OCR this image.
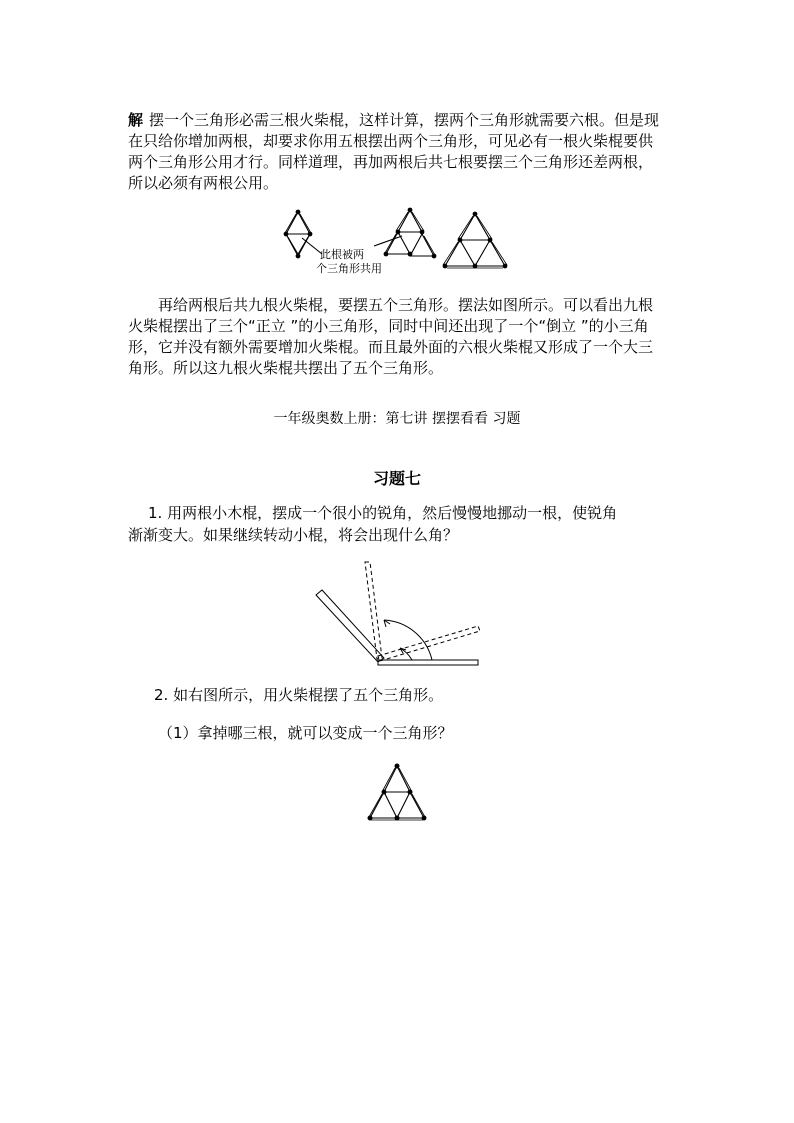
解 摆一个三角形必需三根火柴棍，这样计算，摆两个三角形就需要六根。但是现在只给你增加两根，却要求你用五根摆出两个三角形，可见必有一根火柴棍要供两个三角形公用才行。同样道理，再加两根后共七根要摆三个三角形还差两根，所以必须有两根公用。

此根被两
个三角形共用

再给两根后共九根火柴棍，要摆五个三角形。摆法如图所示。可以看出九根火柴棍摆出了三个“正立 ”的小三角形，同时中间还出现了一个“倒立 ”的小三角形，它并没有额外需要增加火柴棍。而且最外面的六根火柴棍又形成了一个大三角形。所以这九根火柴棍共摆出了五个三角形。

一年级奥数上册：第七讲 摆摆看看 习题
习题七
1. 用两根小木棍，摆成一个很小的锐角，然后慢慢地挪动一根，使锐角
渐渐变大。如果继续转动小棍，将会出现什么角？
2. 如右图所示，用火柴棍摆了五个三角形。
（1）拿掉哪三根，就可以变成一个三角形？
